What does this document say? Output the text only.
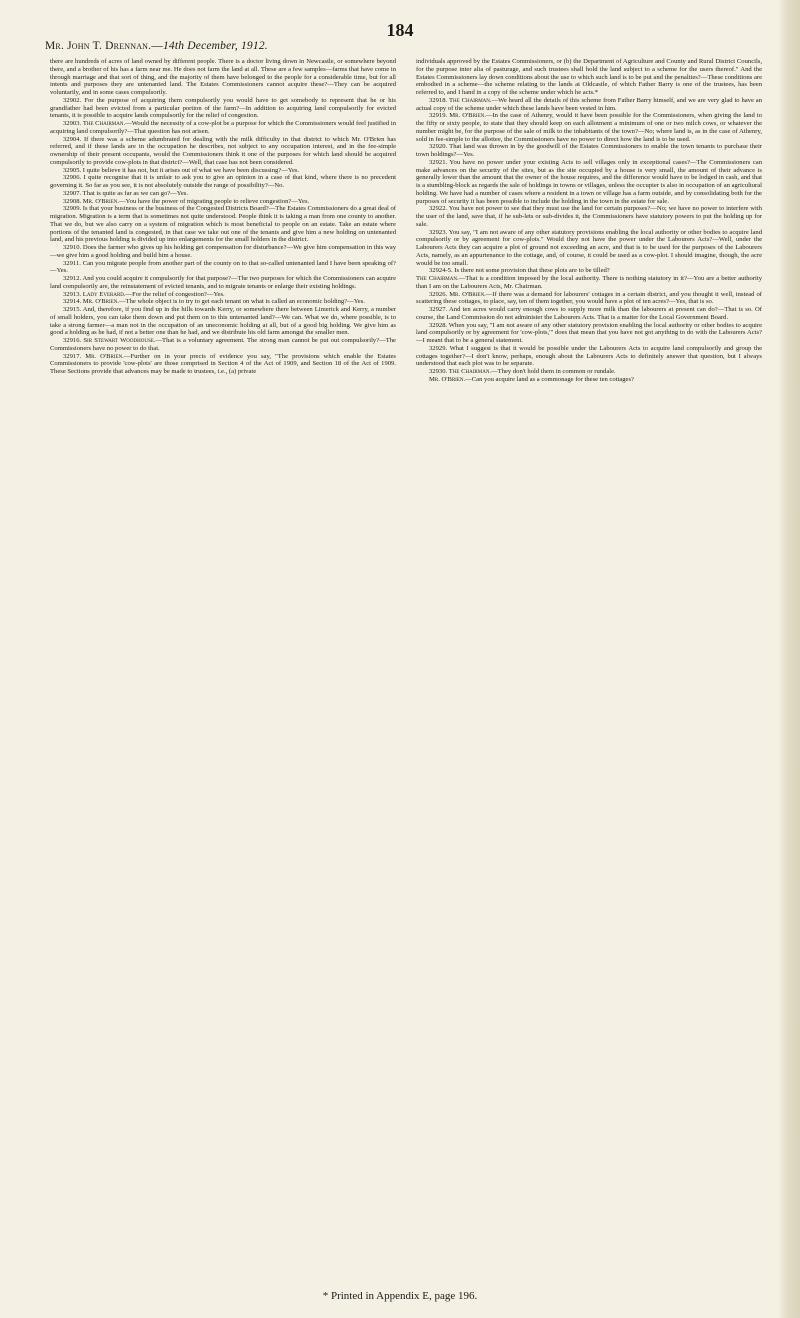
184
Mr. John T. Drennan.—14th December, 1912.

there are hundreds of acres of land owned by different people. There is a doctor living down in Newcastle, or somewhere beyond there, and a brother of his has a farm near me. He does not farm the land at all. These are a few samples—farms that have come in through marriage and that sort of thing, and the majority of them have belonged to the people for a considerable time, but for all intents and purposes they are untenanted land. The Estates Commissioners cannot acquire these?—They can be acquired voluntarily, and in some cases compulsorily.

32902. For the purpose of acquiring them compulsorily you would have to get somebody to represent that he or his grandfather had been evicted from a particular portion of the farm?—In addition to acquiring land compulsorily for evicted tenants, it is possible to acquire lands compulsorily for the relief of congestion.

32903. The Chairman.—Would the necessity of a cow-plot be a purpose for which the Commissioners would feel justified in acquiring land compulsorily?—That question has not arisen.

32904. If there was a scheme adumbrated for dealing with the milk difficulty in that district to which Mr. O'Brien has referred, and if these lands are in the occupation he describes, not subject to any occupation interest, and in the fee-simple ownership of their present occupants, would the Commissioners think it one of the purposes for which land should be acquired compulsorily to provide cow-plots in that district?—Well, that case has not been considered.

32905. I quite believe it has not, but it arises out of what we have been discussing?—Yes.

32906. I quite recognise that it is unfair to ask you to give an opinion in a case of that kind, where there is no precedent governing it. So far as you see, it is not absolutely outside the range of possibility?—No.

32907. That is quite as far as we can go?—Yes.

32908. Mr. O'Brien.—You have the power of migrating people to relieve congestion?—Yes.

32909. Is that your business or the business of the Congested Districts Board?—The Estates Commissioners do a great deal of migration. Migration is a term that is sometimes not quite understood. People think it is taking a man from one county to another. That we do, but we also carry on a system of migration which is most beneficial to people on an estate. Take an estate where portions of the tenanted land is congested, in that case we take out one of the tenants and give him a new holding on untenanted land, and his previous holding is divided up into enlargements for the small holders in the district.

32910. Does the farmer who gives up his holding get compensation for disturbance?—We give him compensation in this way—we give him a good holding and build him a house.

32911. Can you migrate people from another part of the county on to that so-called untenanted land I have been speaking of?—Yes.

32912. And you could acquire it compulsorily for that purpose?—The two purposes for which the Commissioners can acquire land compulsorily are, the reinstatement of evicted tenants, and to migrate tenants or enlarge their existing holdings.

32913. Lady Everard.—For the relief of congestion?—Yes.

32914. Mr. O'Brien.—The whole object is to try to get each tenant on what is called an economic holding?—Yes.

32915. And, therefore, if you find up in the hills towards Kerry, or somewhere there between Limerick and Kerry, a number of small holders, you can take them down and put them on to this untenanted land?—We can. What we do, where possible, is to take a strong farmer—a man not in the occupation of an uneconomic holding at all, but of a good big holding. We give him as good a holding as he had, if not a better one than he had, and we distribute his old farm amongst the smaller men.

32916. Sir Stewart Woodhouse.—That is a voluntary agreement. The strong man cannot be put out compulsorily?—The Commissioners have no power to do that.

32917. Mr. O'Brien.—Further on in your precis of evidence you say, "The provisions which enable the Estates Commissioners to provide 'cow-plots' are those comprised in Section 4 of the Act of 1909, and Section 18 of the Act of 1909. These Sections provide that advances may be made to trustees, i.e., (a) private

individuals approved by the Estates Commissioners, or (b) the Department of Agriculture and County and Rural District Councils, for the purpose inter alia of pasturage, and such trustees shall hold the land subject to a scheme for the users thereof." And the Estates Commissioners lay down conditions about the use to which such land is to be put and the penalties?—These conditions are embodied in a scheme—the scheme relating to the lands at Oldcastle, of which Father Barry is one of the trustees, has been referred to, and I hand in a copy of the scheme under which he acts.*

32918. The Chairman.—We heard all the details of this scheme from Father Barry himself, and we are very glad to have an actual copy of the scheme under which these lands have been vested in him.

32919. Mr. O'Brien.—In the case of Athenry, would it have been possible for the Commissioners, when giving the land to the fifty or sixty people, to state that they should keep on each allotment a minimum of one or two milch cows, or whatever the number might be, for the purpose of the sale of milk to the inhabitants of the town?—No; where land is, as in the case of Athenry, sold in fee-simple to the allottee, the Commissioners have no power to direct how the land is to be used.

32920. That land was thrown in by the goodwill of the Estates Commissioners to enable the town tenants to purchase their town holdings?—Yes.

32921. You have no power under your existing Acts to sell villages only in exceptional cases?—The Commissioners can make advances on the security of the sites, but as the site occupied by a house is very small, the amount of their advance is generally lower than the amount that the owner of the house requires, and the difference would have to be lodged in cash, and that is a stumbling-block as regards the sale of holdings in towns or villages, unless the occupier is also in occupation of an agricultural holding. We have had a number of cases where a resident in a town or village has a farm outside, and by consolidating both for the purposes of security it has been possible to include the holding in the town in the estate for sale.

32922. You have not power to see that they must use the land for certain purposes?—No; we have no power to interfere with the user of the land, save that, if he sub-lets or sub-divides it, the Commissioners have statutory powers to put the holding up for sale.

32923. You say, "I am not aware of any other statutory provisions enabling the local authority or other bodies to acquire land compulsorily or by agreement for cow-plots." Would they not have the power under the Labourers Acts?—Well, under the Labourers Acts they can acquire a plot of ground not exceeding an acre, and that is to be used for the purposes of the Labourers Acts, namely, as an appurtenance to the cottage, and, of course, it could be used as a cow-plot. I should imagine, though, the acre would be too small.

32924-5. Is there not some provision that these plots are to be tilled?

The Chairman.—That is a condition imposed by the local authority. There is nothing statutory in it?—You are a better authority than I am on the Labourers Acts, Mr. Chairman.

32926. Mr. O'Brien.—If there was a demand for labourers' cottages in a certain district, and you thought it well, instead of scattering these cottages, to place, say, ten of them together, you would have a plot of ten acres?—Yes, that is so.

32927. And ten acres would carry enough cows to supply more milk than the labourers at present can do?—That is so. Of course, the Land Commission do not administer the Labourers Acts. That is a matter for the Local Government Board.

32928. When you say, "I am not aware of any other statutory provision enabling the local authority or other bodies to acquire land compulsorily or by agreement for 'cow-plots,'" does that mean that you have not got anything to do with the Labourers Acts?—I meant that to be a general statement.

32929. What I suggest is that it would be possible under the Labourers Acts to acquire land compulsorily and group the cottages together?—I don't know, perhaps, enough about the Labourers Acts to definitely answer that question, but I always understood that each plot was to be separate.

32930. The Chairman.—They don't hold them in common or rundale.

Mr. O'Brien.—Can you acquire land as a commonage for these ten cottages?

* Printed in Appendix E, page 196.
